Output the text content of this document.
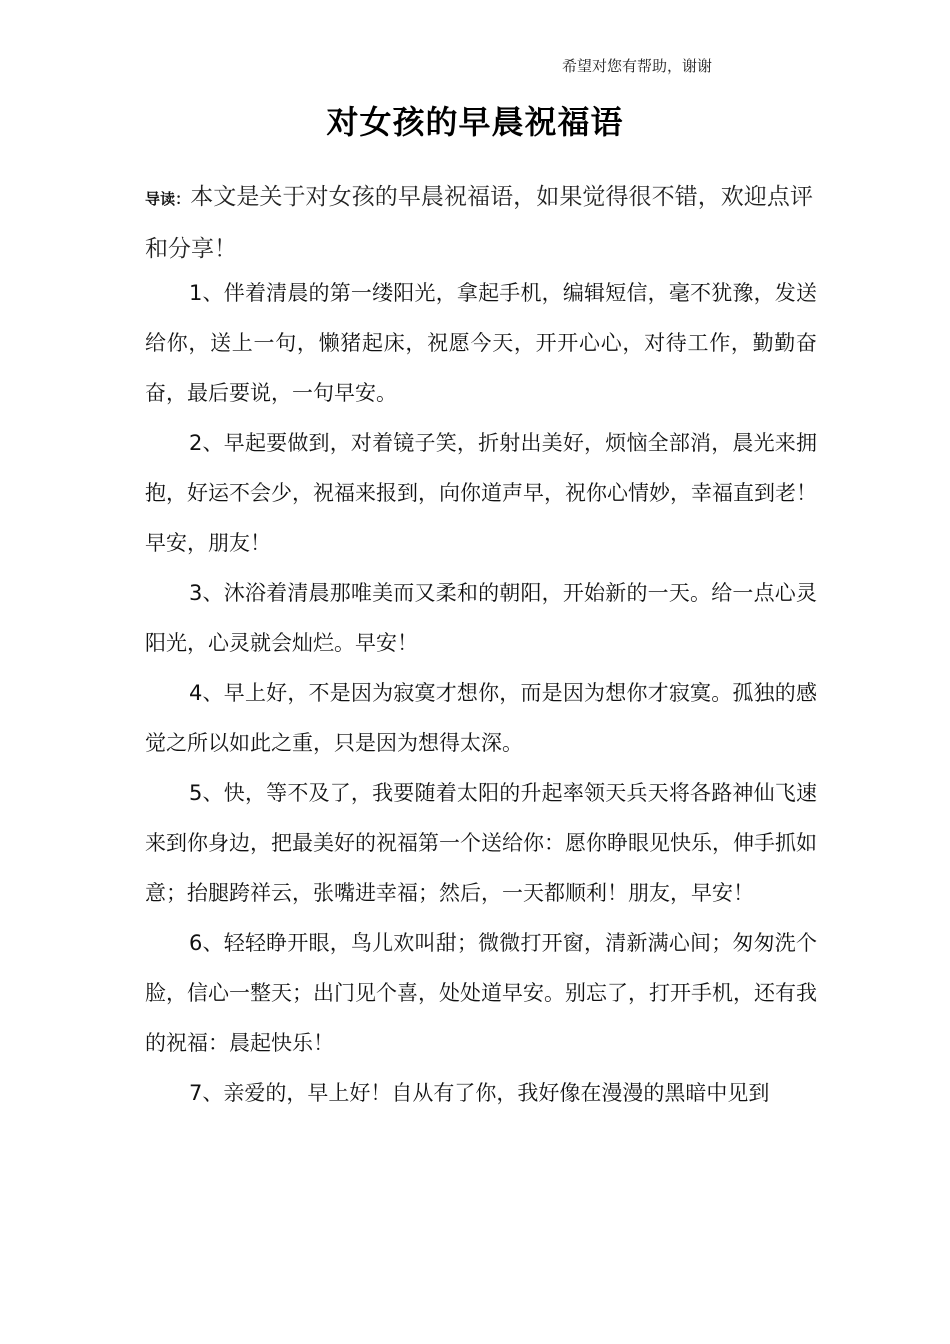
希望对您有帮助，谢谢
对女孩的早晨祝福语
导读：本文是关于对女孩的早晨祝福语，如果觉得很不错，欢迎点评和分享！

1、伴着清晨的第一缕阳光，拿起手机，编辑短信，毫不犹豫，发送给你，送上一句，懒猪起床，祝愿今天，开开心心，对待工作，勤勤奋奋，最后要说，一句早安。

2、早起要做到，对着镜子笑，折射出美好，烦恼全部消，晨光来拥抱，好运不会少，祝福来报到，向你道声早，祝你心情妙，幸福直到老！早安，朋友！

3、沐浴着清晨那唯美而又柔和的朝阳，开始新的一天。给一点心灵阳光，心灵就会灿烂。早安！

4、早上好，不是因为寂寞才想你，而是因为想你才寂寞。孤独的感觉之所以如此之重，只是因为想得太深。

5、快，等不及了，我要随着太阳的升起率领天兵天将各路神仙飞速来到你身边，把最美好的祝福第一个送给你：愿你睁眼见快乐，伸手抓如意；抬腿跨祥云，张嘴进幸福；然后，一天都顺利！朋友，早安！

6、轻轻睁开眼，鸟儿欢叫甜；微微打开窗，清新满心间；匆匆洗个脸，信心一整天；出门见个喜，处处道早安。别忘了，打开手机，还有我的祝福：晨起快乐！

7、亲爱的，早上好！自从有了你，我好像在漫漫的黑暗中见到
